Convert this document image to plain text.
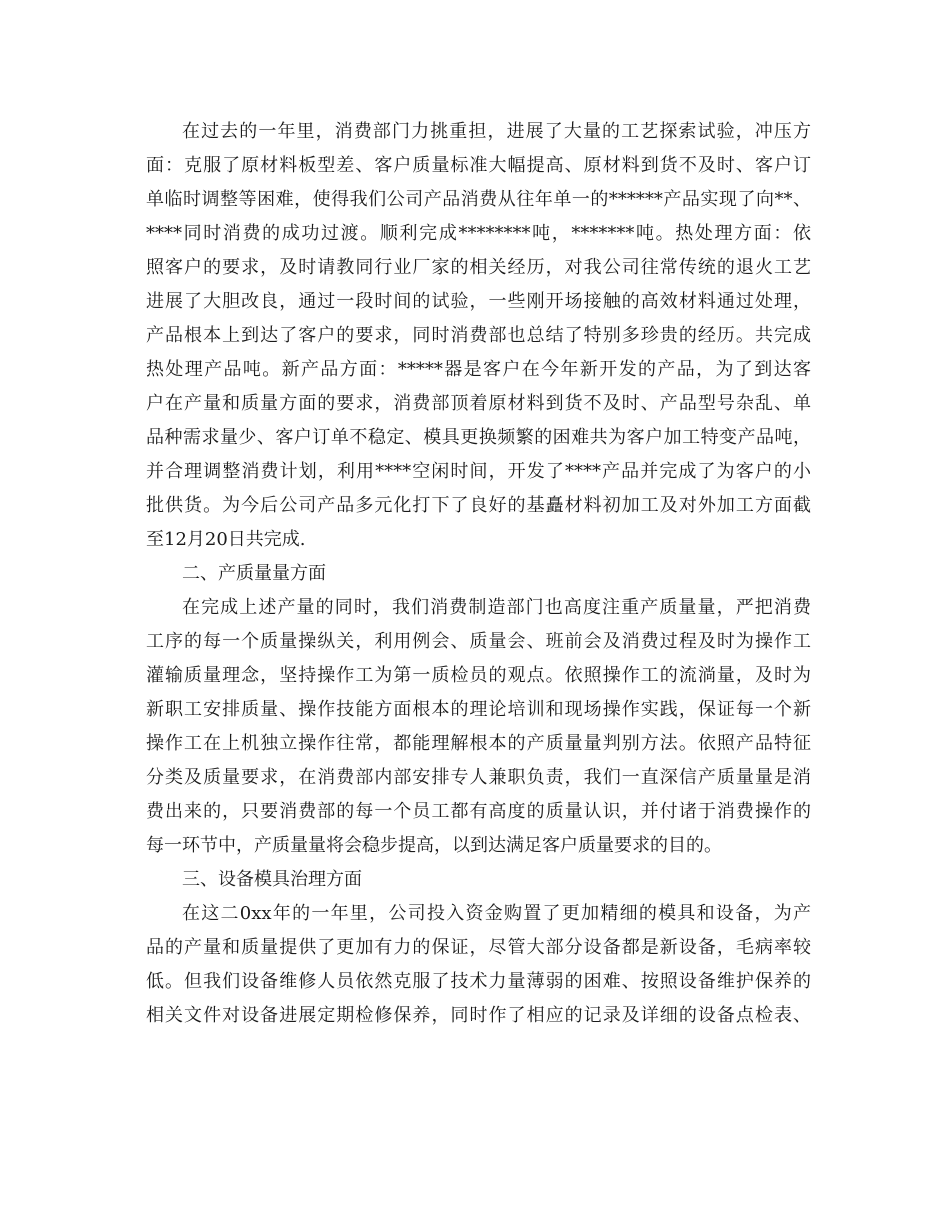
在过去的一年里，消费部门力挑重担，进展了大量的工艺探索试验，冲压方
面：克服了原材料板型差、客户质量标准大幅提高、原材料到货不及时、客户订
单临时调整等困难，使得我们公司产品消费从往年单一的******产品实现了向**、
****同时消费的成功过渡。顺利完成********吨，*******吨。热处理方面：依
照客户的要求，及时请教同行业厂家的相关经历，对我公司往常传统的退火工艺
进展了大胆改良，通过一段时间的试验，一些刚开场接触的高效材料通过处理，
产品根本上到达了客户的要求，同时消费部也总结了特别多珍贵的经历。共完成
热处理产品吨。新产品方面：*****器是客户在今年新开发的产品，为了到达客
户在产量和质量方面的要求，消费部顶着原材料到货不及时、产品型号杂乱、单
品种需求量少、客户订单不稳定、模具更换频繁的困难共为客户加工特变产品吨，
并合理调整消费计划，利用****空闲时间，开发了****产品并完成了为客户的小
批供货。为今后公司产品多元化打下了良好的基矗材料初加工及对外加工方面截
至12月20日共完成.
二、产质量量方面
在完成上述产量的同时，我们消费制造部门也高度注重产质量量，严把消费
工序的每一个质量操纵关，利用例会、质量会、班前会及消费过程及时为操作工
灌输质量理念，坚持操作工为第一质检员的观点。依照操作工的流淌量，及时为
新职工安排质量、操作技能方面根本的理论培训和现场操作实践，保证每一个新
操作工在上机独立操作往常，都能理解根本的产质量量判别方法。依照产品特征
分类及质量要求，在消费部内部安排专人兼职负责，我们一直深信产质量量是消
费出来的，只要消费部的每一个员工都有高度的质量认识，并付诸于消费操作的
每一环节中，产质量量将会稳步提高，以到达满足客户质量要求的目的。
三、设备模具治理方面
在这二0xx年的一年里，公司投入资金购置了更加精细的模具和设备，为产
品的产量和质量提供了更加有力的保证，尽管大部分设备都是新设备，毛病率较
低。但我们设备维修人员依然克服了技术力量薄弱的困难、按照设备维护保养的
相关文件对设备进展定期检修保养，同时作了相应的记录及详细的设备点检表、
